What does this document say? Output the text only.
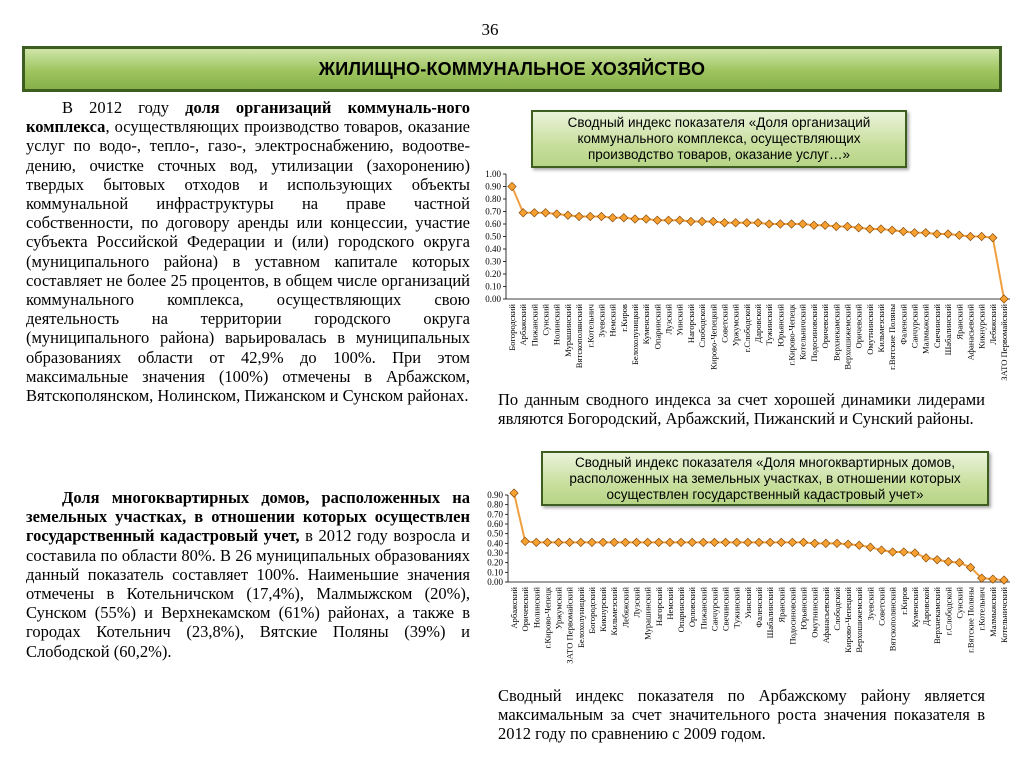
36
ЖИЛИЩНО-КОММУНАЛЬНОЕ ХОЗЯЙСТВО

В 2012 году доля организаций коммуналь-ного комплекса, осуществляющих производство товаров, оказание услуг по водо-, тепло-, газо-, электроснабжению, водоотве-дению, очистке сточных вод, утилизации (захоронению) твердых бытовых отходов и использующих объекты коммунальной инфраструктуры на праве частной собственности, по договору аренды или концессии, участие субъекта Российской Федерации и (или) городского округа (муниципального района) в уставном капитале которых составляет не более 25 процентов, в общем числе организаций коммунального комплекса, осуществляющих свою деятельность на территории городского округа (муниципального района) варьировалась в муниципальных образованиях области от 42,9% до 100%. При этом максимальные значения (100%) отмечены в Арбажском, Вятскополянском, Нолинском, Пижанском и Сунском районах.

Доля многоквартирных домов, расположенных на земельных участках, в отношении которых осуществлен государственный кадастровый учет, в 2012 году возросла и составила по области 80%. В 26 муниципальных образованиях данный показатель составляет 100%. Наименьшие значения отмечены в Котельничском (17,4%), Малмыжском (20%), Сунском (55%) и Верхнекамском (61%) районах, а также в городах Котельнич (23,8%), Вятские Поляны (39%) и Слободской (60,2%).

Сводный индекс показателя «Доля организаций коммунального комплекса, осуществляющих производство товаров, оказание услуг…»
0.00
0.10
0.20
0.30
0.40
0.50
0.60
0.70
0.80
0.90
1.00
Богородский Арбажский Пижанский Сунский Нолинский Мурашинский Вятскополянский г.Котельнич Зуевский Немский г.Киров Белохолуницкий Куменский Опаринский Лузский Уинский Нагорский Слободской Кирово-Чепецкий Советский Уржумский г.Слободской Даровской Тужинский Юрьянский г.Кирово-Чепецк Котельничский Подосиновский Оричевский Верхнекамский Верхошижемский Оричевский Омутнинский Кильмезский г.Вятские Поляны Фаленский Санчурский Малмыжский Свечинский Шабалинский Яранский Афанасьевский Кикнурский Лебяжский ЗАТО Первомайский
По данным сводного индекса за счет хорошей динамики лидерами являются Богородский, Арбажский, Пижанский и Сунский районы.
Сводный индекс показателя «Доля многоквартирных домов, расположенных на земельных участках, в отношении которых осуществлен государственный кадастровый учет»
0.00
0.10
0.20
0.30
0.40
0.50
0.60
0.70
0.80
0.90
Арбажский Оричевский Нолинский г.Кирово-Чепецк Уржумский ЗАТО Первомайский Белохолуницкий Богородский Кикнурский Кильмезский Лебяжский Лузский Мурашинский Нагорский Немский Опаринский Орловский Пижанский Санчурский Свечинский Тужинский Уинский Фаленский Шабалинский Яранский Подосиновский Юрьянский Омутнинский Афанасьевский Слободской Кирово-Чепецкий Верхошижемский Зуевский Советский Вятскополянский г.Киров Куменский Даровской Верхнекамский г.Слободской Сунский г.Вятские Поляны г.Котельнич Малмыжский Котельничский
Сводный индекс показателя по Арбажскому району является максимальным за счет значительного роста значения показателя в 2012 году по сравнению с 2009 годом.
